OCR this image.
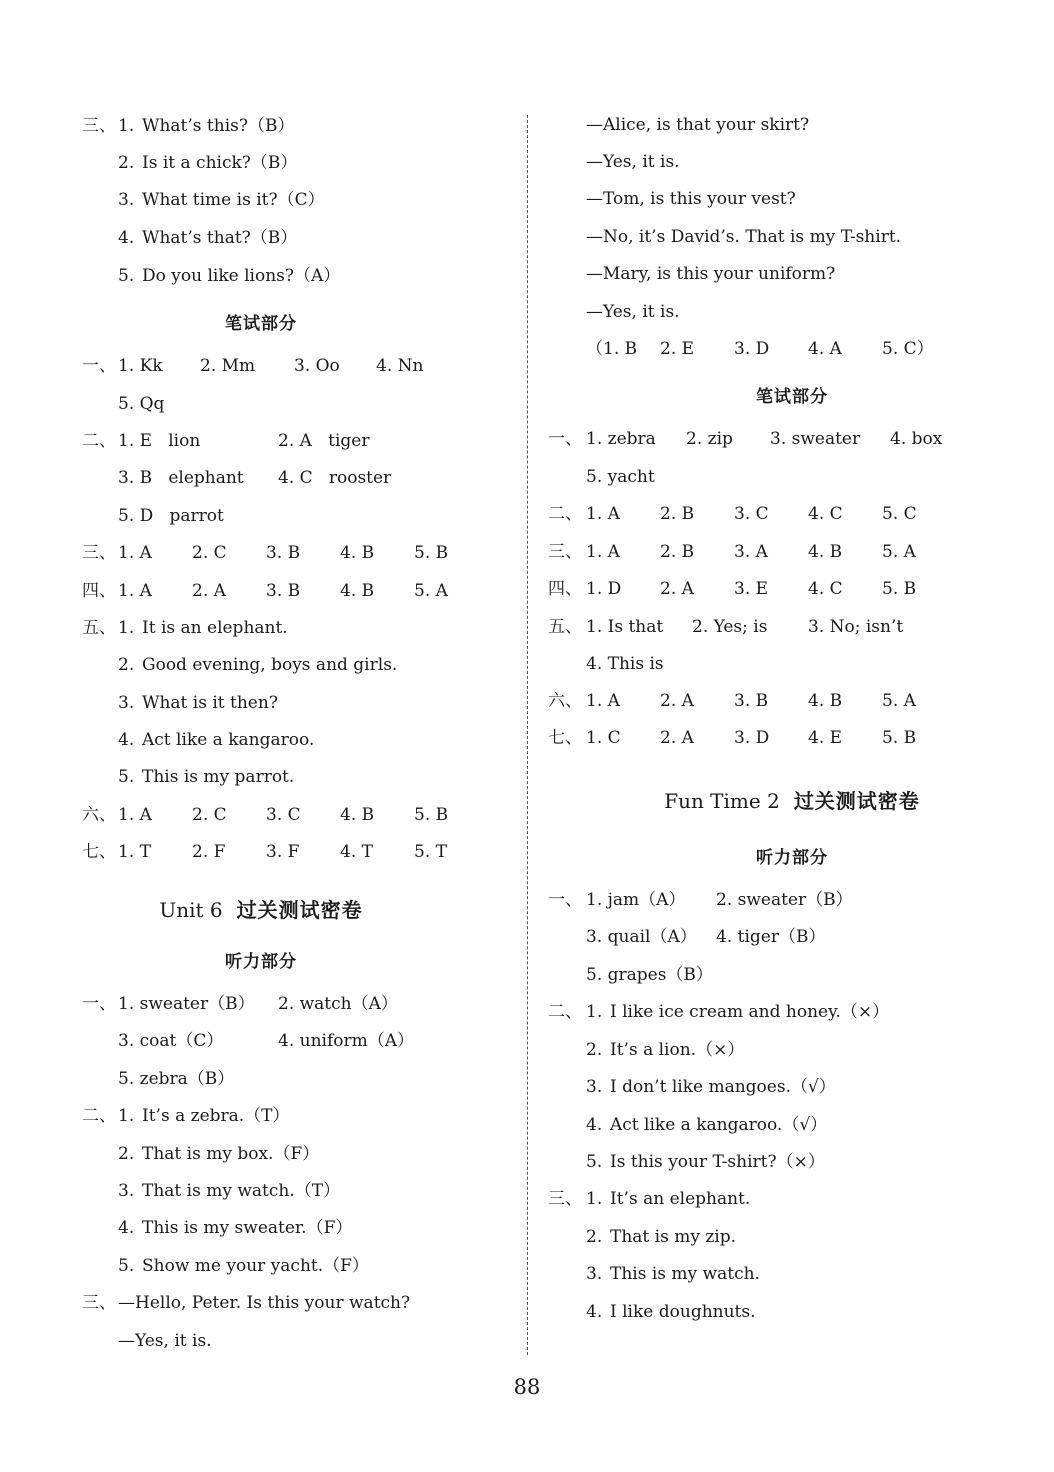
三、 1. What’s this?（B）
2. Is it a chick?（B）
3. What time is it?（C）
4. What’s that?（B）
5. Do you like lions?（A）
笔试部分
一、 1. Kk 2. Mm 3. Oo 4. Nn
5. Qq
二、 1. E   lion	2. A   tiger
3. B   elephant 4. C   rooster
5. D   parrot
三、 1. A 2. C 3. B 4. B 5. B
四、 1. A 2. A 3. B 4. B 5. A
五、 1. It is an elephant.
2. Good evening, boys and girls.
3. What is it then?
4. Act like a kangaroo.
5. This is my parrot.
六、 1. A 2. C 3. C 4. B 5. B
七、 1. T 2. F 3. F 4. T 5. T
Unit 6 过关测试密卷
听力部分
一、 1. sweater（B） 2. watch（A）
3. coat（C）	4. uniform（A）
5. zebra（B）
二、 1. It’s a zebra.（T）
2. That is my box.（F）
3. That is my watch.（T）
4. This is my sweater.（F）
5. Show me your yacht.（F）
三、 —Hello, Peter. Is this your watch?
—Yes, it is.
—Alice, is that your skirt?
—Yes, it is.
—Tom, is this your vest?
—No, it’s David’s. That is my T-shirt.
—Mary, is this your uniform?
—Yes, it is.
（1. B 2. E 3. D 4. A 5. C）
笔试部分
一、 1. zebra 2. zip 3. sweater 4. box
5. yacht
二、 1. A 2. B 3. C 4. C 5. C
三、 1. A 2. B 3. A 4. B 5. A
四、 1. D 2. A 3. E 4. C 5. B
五、 1. Is that 2. Yes; is 3. No; isn’t
4. This is
六、 1. A 2. A 3. B 4. B 5. A
七、 1. C 2. A 3. D 4. E 5. B
Fun Time 2 过关测试密卷
听力部分
一、 1. jam（A） 2. sweater（B）
3. quail（A） 4. tiger（B）
5. grapes（B）
二、 1. I like ice cream and honey.（×）
2. It’s a lion.（×）
3. I don’t like mangoes.（√）
4. Act like a kangaroo.（√）
5. Is this your T-shirt?（×）
三、 1. It’s an elephant.
2. That is my zip.
3. This is my watch.
4. I like doughnuts.
88
